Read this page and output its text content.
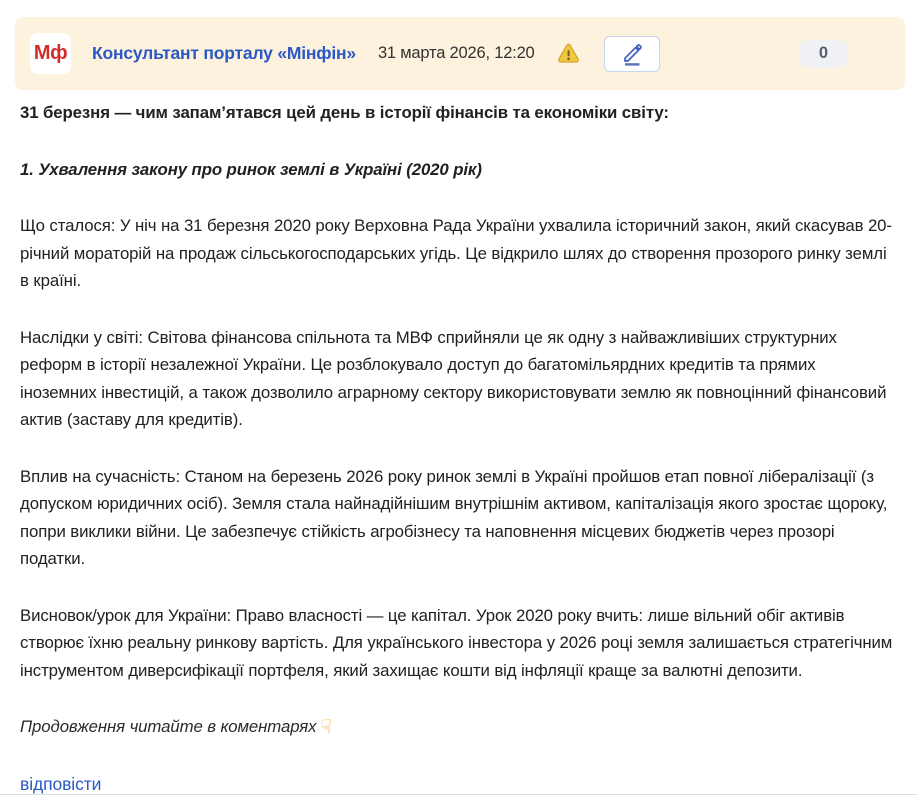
Мф Консультант порталу «Мінфін» 31 марта 2026, 12:20	0

31 березня — чим запам’ятався цей день в історії фінансів та економіки світу:

1. Ухвалення закону про ринок землі в Україні (2020 рік)

Що сталося: У ніч на 31 березня 2020 року Верховна Рада України ухвалила історичний закон, який скасував 20-річний мораторій на продаж сільськогосподарських угідь. Це відкрило шлях до створення прозорого ринку землі в країні.

Наслідки у світі: Світова фінансова спільнота та МВФ сприйняли це як одну з найважливіших структурних реформ в історії незалежної України. Це розблокувало доступ до багатомільярдних кредитів та прямих іноземних інвестицій, а також дозволило аграрному сектору використовувати землю як повноцінний фінансовий актив (заставу для кредитів).

Вплив на сучасність: Станом на березень 2026 року ринок землі в Україні пройшов етап повної лібералізації (з допуском юридичних осіб). Земля стала найнадійнішим внутрішнім активом, капіталізація якого зростає щороку, попри виклики війни. Це забезпечує стійкість агробізнесу та наповнення місцевих бюджетів через прозорі податки.

Висновок/урок для України: Право власності — це капітал. Урок 2020 року вчить: лише вільний обіг активів створює їхню реальну ринкову вартість. Для українського інвестора у 2026 році земля залишається стратегічним інструментом диверсифікації портфеля, який захищає кошти від інфляції краще за валютні депозити.

Продовження читайте в коментарях ☟

відповісти
